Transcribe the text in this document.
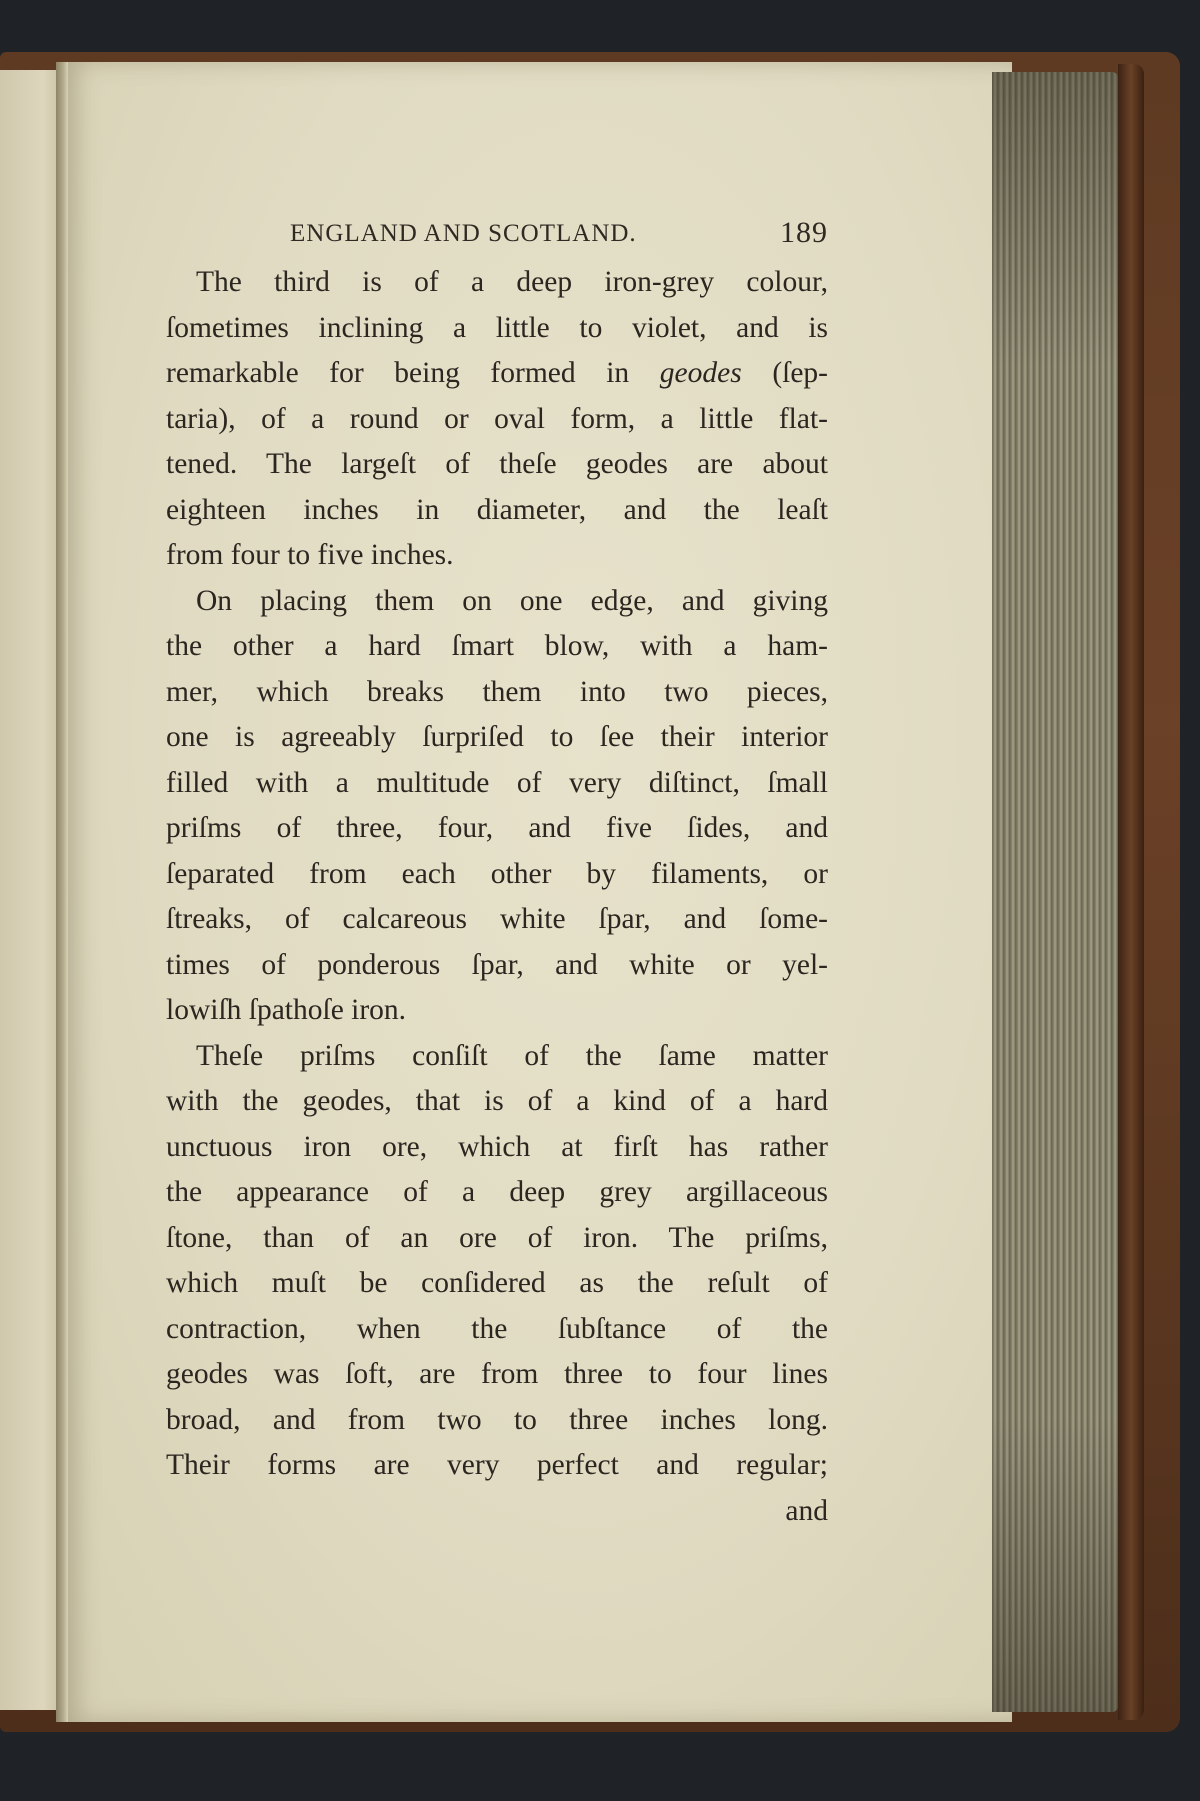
ENGLAND AND SCOTLAND.	189
The third is of a deep iron-grey colour,
ſometimes inclining a little to violet, and is
remarkable for being formed in geodes (ſep-
taria), of a round or oval form, a little flat-
tened. The largeſt of theſe geodes are about
eighteen inches in diameter, and the leaſt
from four to five inches.
On placing them on one edge, and giving
the other a hard ſmart blow, with a ham-
mer, which breaks them into two pieces,
one is agreeably ſurpriſed to ſee their interior
filled with a multitude of very diſtinct, ſmall
priſms of three, four, and five ſides, and
ſeparated from each other by filaments, or
ſtreaks, of calcareous white ſpar, and ſome-
times of ponderous ſpar, and white or yel-
lowiſh ſpathoſe iron.
Theſe priſms conſiſt of the ſame matter
with the geodes, that is of a kind of a hard
unctuous iron ore, which at firſt has rather
the appearance of a deep grey argillaceous
ſtone, than of an ore of iron. The priſms,
which muſt be conſidered as the reſult of
contraction, when the ſubſtance of the
geodes was ſoft, are from three to four lines
broad, and from two to three inches long.
Their forms are very perfect and regular;
and
